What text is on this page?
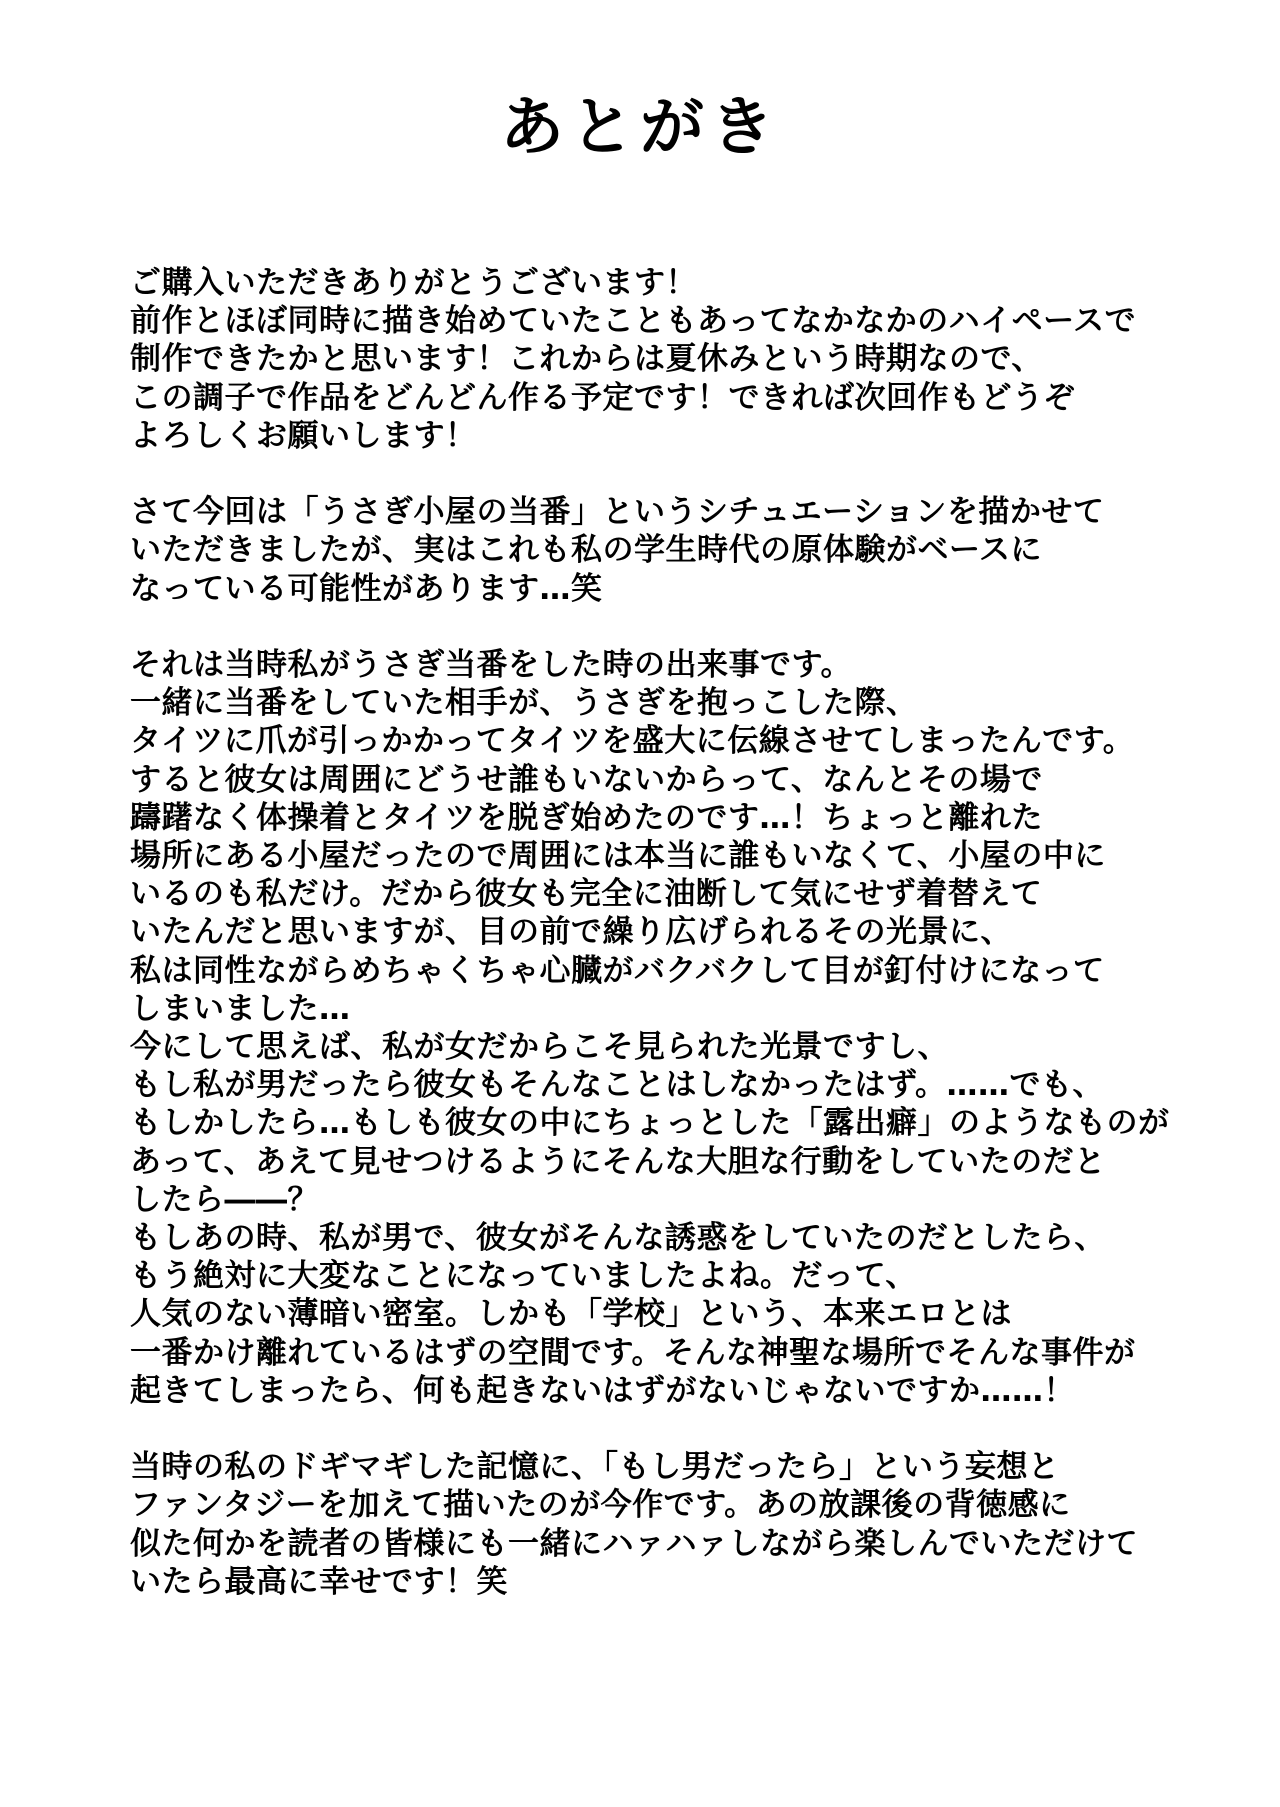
あとがき
ご購入いただきありがとうございます！
前作とほぼ同時に描き始めていたこともあってなかなかのハイペースで
制作できたかと思います！これからは夏休みという時期なので、
この調子で作品をどんどん作る予定です！できれば次回作もどうぞ
よろしくお願いします！
さて今回は「うさぎ小屋の当番」というシチュエーションを描かせて
いただきましたが、実はこれも私の学生時代の原体験がベースに
なっている可能性があります…笑
それは当時私がうさぎ当番をした時の出来事です。
一緒に当番をしていた相手が、うさぎを抱っこした際、
タイツに爪が引っかかってタイツを盛大に伝線させてしまったんです。
すると彼女は周囲にどうせ誰もいないからって、なんとその場で
躊躇なく体操着とタイツを脱ぎ始めたのです…！ちょっと離れた
場所にある小屋だったので周囲には本当に誰もいなくて、小屋の中に
いるのも私だけ。だから彼女も完全に油断して気にせず着替えて
いたんだと思いますが、目の前で繰り広げられるその光景に、
私は同性ながらめちゃくちゃ心臓がバクバクして目が釘付けになって
しまいました…
今にして思えば、私が女だからこそ見られた光景ですし、
もし私が男だったら彼女もそんなことはしなかったはず。……でも、
もしかしたら…もしも彼女の中にちょっとした「露出癖」のようなものが
あって、あえて見せつけるようにそんな大胆な行動をしていたのだと
したら――？
もしあの時、私が男で、彼女がそんな誘惑をしていたのだとしたら、
もう絶対に大変なことになっていましたよね。だって、
人気のない薄暗い密室。しかも「学校」という、本来エロとは
一番かけ離れているはずの空間です。そんな神聖な場所でそんな事件が
起きてしまったら、何も起きないはずがないじゃないですか……！
当時の私のドギマギした記憶に、「もし男だったら」という妄想と
ファンタジーを加えて描いたのが今作です。あの放課後の背徳感に
似た何かを読者の皆様にも一緒にハァハァしながら楽しんでいただけて
いたら最高に幸せです！笑
